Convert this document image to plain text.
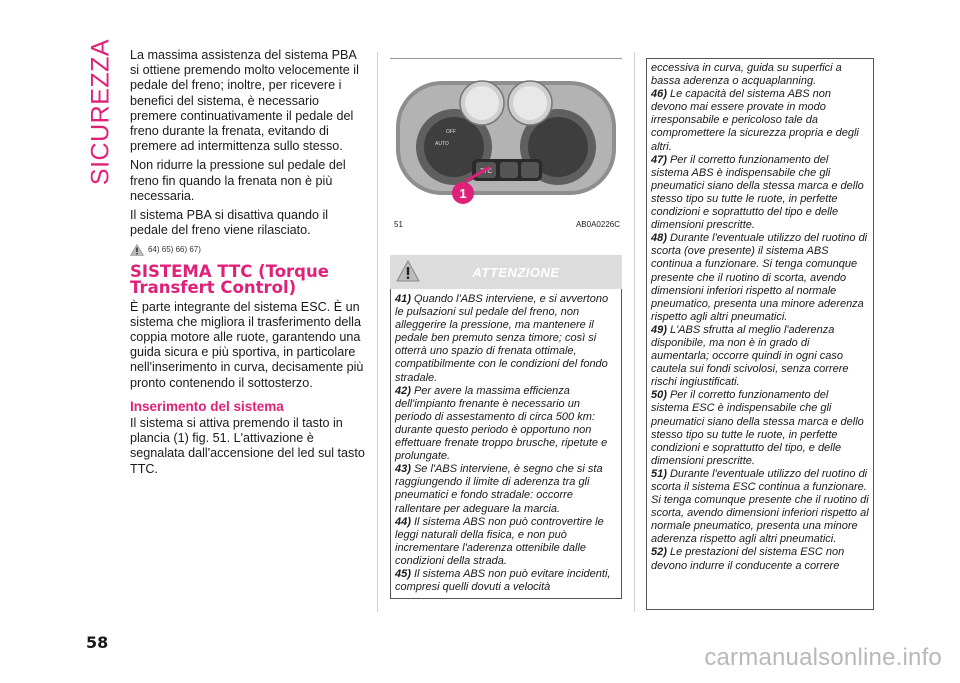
SICUREZZA La massima assistenza del sistema PBA si ottiene premendo molto velocemente il pedale del freno; inoltre, per ricevere i benefici del sistema, è necessario premere continuativamente il pedale del freno durante la frenata, evitando di premere ad intermittenza sullo stesso.

Non ridurre la pressione sul pedale del freno fin quando la frenata non è più necessaria.

Il sistema PBA si disattiva quando il pedale del freno viene rilasciato.

64) 65) 66) 67)
SISTEMA TTC (Torque Transfert Control)

È parte integrante del sistema ESC. È un sistema che migliora il trasferimento della coppia motore alle ruote, garantendo una guida sicura e più sportiva, in particolare nell'inserimento in curva, decisamente più pronto contenendo il sottosterzo.

Inserimento del sistema

Il sistema si attiva premendo il tasto in plancia (1) fig. 51. L'attivazione è segnalata dall'accensione del led sul tasto TTC.

TTC
AUTO
OFF
1
51	AB0A0226C
ATTENZIONE

41) Quando l'ABS interviene, e si avvertono le pulsazioni sul pedale del freno, non alleggerire la pressione, ma mantenere il pedale ben premuto senza timore; così si otterrà uno spazio di frenata ottimale, compatibilmente con le condizioni del fondo stradale.

42) Per avere la massima efficienza dell'impianto frenante è necessario un periodo di assestamento di circa 500 km: durante questo periodo è opportuno non effettuare frenate troppo brusche, ripetute e prolungate.

43) Se l'ABS interviene, è segno che si sta raggiungendo il limite di aderenza tra gli pneumatici e fondo stradale: occorre rallentare per adeguare la marcia.

44) Il sistema ABS non può controvertire le leggi naturali della fisica, e non può incrementare l'aderenza ottenibile dalle condizioni della strada.

45) Il sistema ABS non può evitare incidenti, compresi quelli dovuti a velocità

eccessiva in curva, guida su superfici a bassa aderenza o acquaplanning.

46) Le capacità del sistema ABS non devono mai essere provate in modo irresponsabile e pericoloso tale da compromettere la sicurezza propria e degli altri.

47) Per il corretto funzionamento del sistema ABS è indispensabile che gli pneumatici siano della stessa marca e dello stesso tipo su tutte le ruote, in perfette condizioni e soprattutto del tipo e delle dimensioni prescritte.

48) Durante l'eventuale utilizzo del ruotino di scorta (ove presente) il sistema ABS continua a funzionare. Si tenga comunque presente che il ruotino di scorta, avendo dimensioni inferiori rispetto al normale pneumatico, presenta una minore aderenza rispetto agli altri pneumatici.

49) L'ABS sfrutta al meglio l'aderenza disponibile, ma non è in grado di aumentarla; occorre quindi in ogni caso cautela sui fondi scivolosi, senza correre rischi ingiustificati.

50) Per il corretto funzionamento del sistema ESC è indispensabile che gli pneumatici siano della stessa marca e dello stesso tipo su tutte le ruote, in perfette condizioni e soprattutto del tipo, e delle dimensioni prescritte.

51) Durante l'eventuale utilizzo del ruotino di scorta il sistema ESC continua a funzionare. Si tenga comunque presente che il ruotino di scorta, avendo dimensioni inferiori rispetto al normale pneumatico, presenta una minore aderenza rispetto agli altri pneumatici.

52) Le prestazioni del sistema ESC non devono indurre il conducente a correre

58
carmanualsonline.info
